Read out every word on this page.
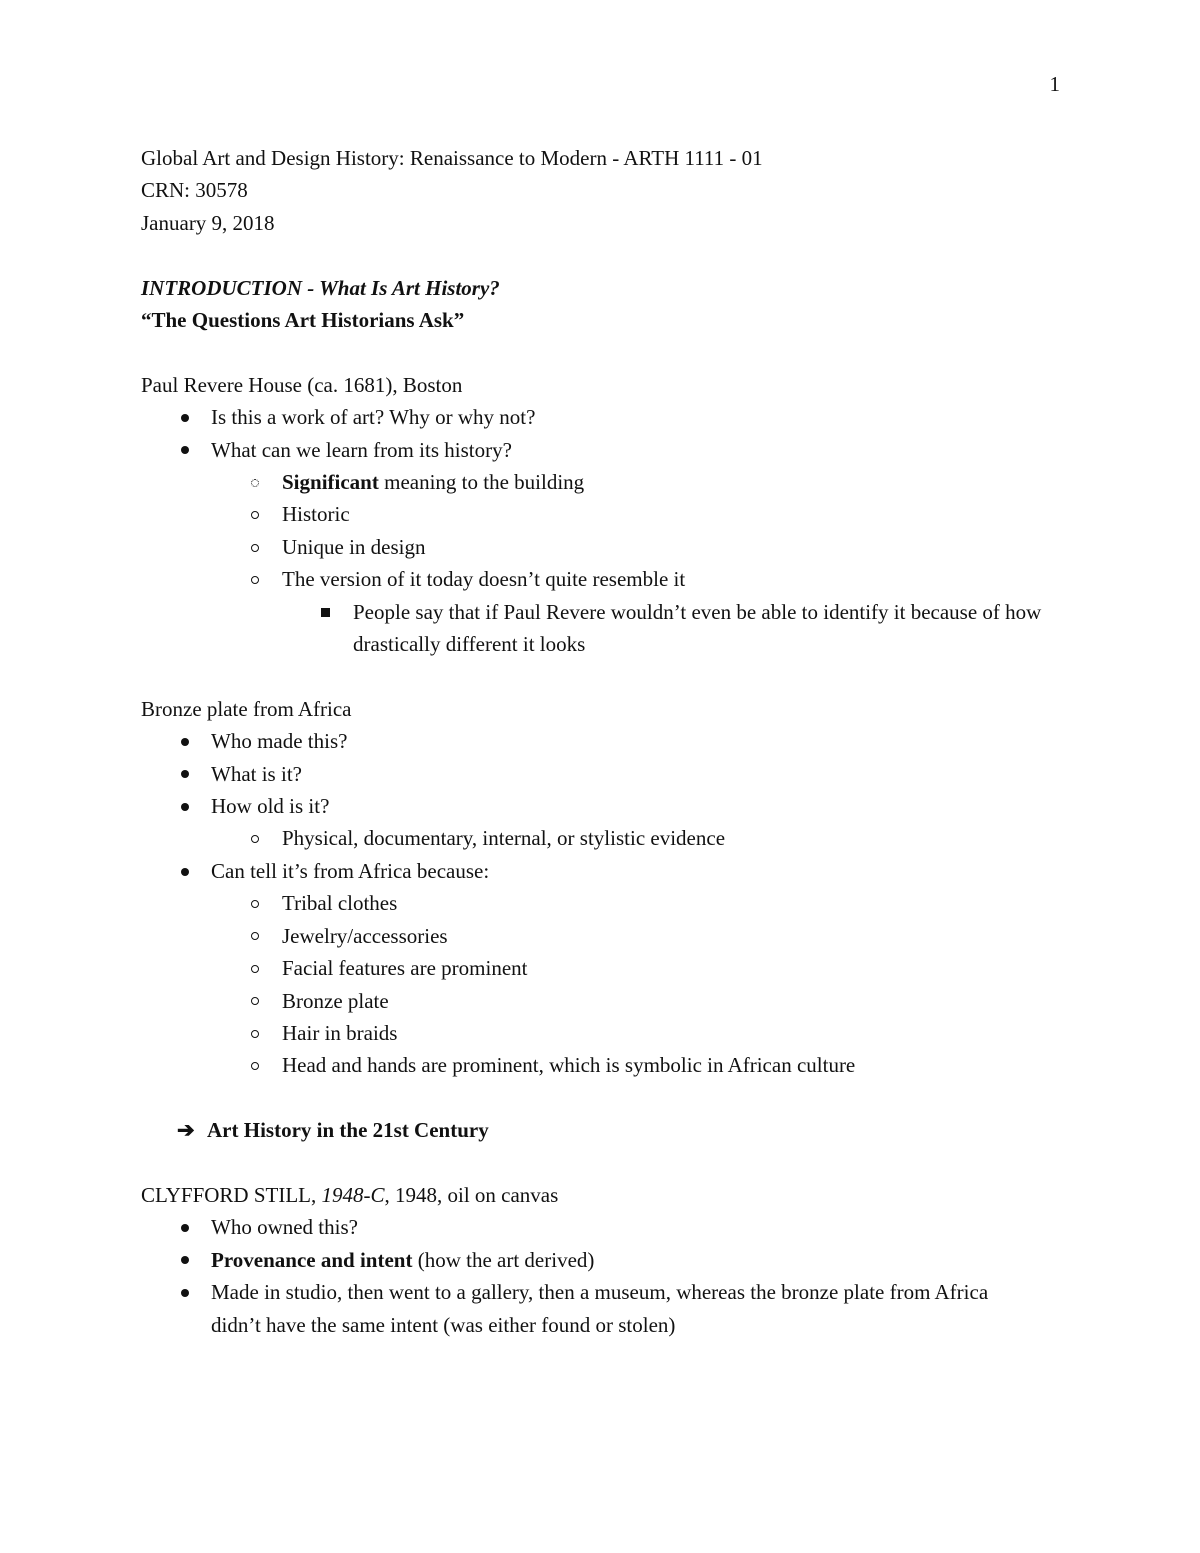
1

Global Art and Design History: Renaissance to Modern - ARTH 1111 - 01

CRN: 30578

January 9, 2018

INTRODUCTION - What Is Art History?

“The Questions Art Historians Ask”

Paul Revere House (ca. 1681), Boston

Is this a work of art? Why or why not?
What can we learn from its history?
Significant meaning to the building
Historic
Unique in design
The version of it today doesn’t quite resemble it
People say that if Paul Revere wouldn’t even be able to identify it because of how drastically different it looks

Bronze plate from Africa

Who made this?
What is it?
How old is it?
Physical, documentary, internal, or stylistic evidence
Can tell it’s from Africa because:
Tribal clothes
Jewelry/accessories
Facial features are prominent
Bronze plate
Hair in braids
Head and hands are prominent, which is symbolic in African culture
➔ Art History in the 21st Century

CLYFFORD STILL, 1948-C, 1948, oil on canvas

Who owned this?
Provenance and intent (how the art derived)
Made in studio, then went to a gallery, then a museum, whereas the bronze plate from Africa didn’t have the same intent (was either found or stolen)
